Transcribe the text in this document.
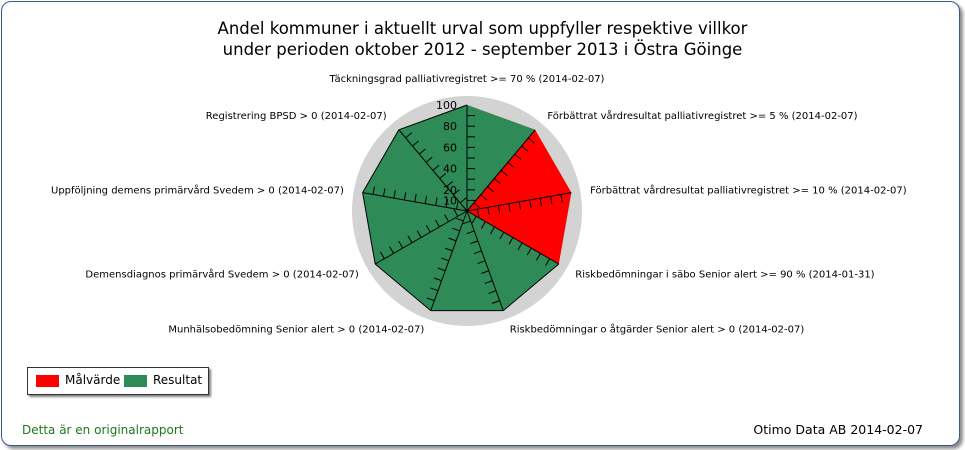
Andel kommuner i aktuellt urval som uppfyller respektive villkor
under perioden oktober 2012 - september 2013 i Östra Göinge
10
20
40
60
80
100
Täckningsgrad palliativregistret >= 70 % (2014-02-07)
Förbättrat vårdresultat palliativregistret >= 5 % (2014-02-07)
Förbättrat vårdresultat palliativregistret >= 10 % (2014-02-07)
Riskbedömningar i säbo Senior alert >= 90 % (2014-01-31)
Riskbedömningar o åtgärder Senior alert > 0 (2014-02-07)
Munhälsobedömning Senior alert > 0 (2014-02-07)
Demensdiagnos primärvård Svedem > 0 (2014-02-07)
Uppföljning demens primärvård Svedem > 0 (2014-02-07)
Registrering BPSD > 0 (2014-02-07)
Målvärde	Resultat
Detta är en originalrapport	Otimo Data AB 2014-02-07
